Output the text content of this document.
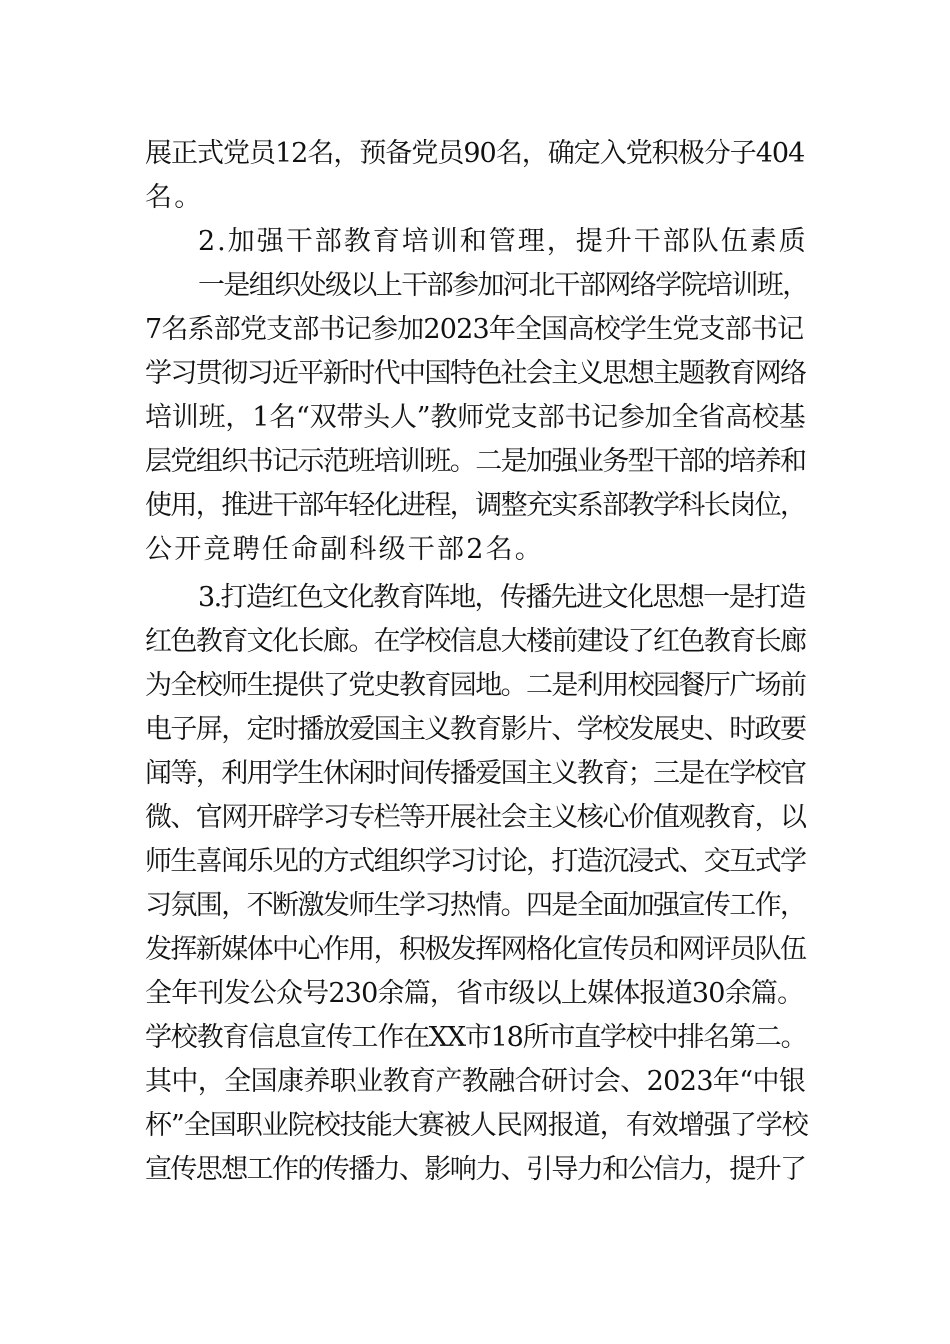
展正式党员12名，预备党员90名，确定入党积极分子404
名。
2.加强干部教育培训和管理，提升干部队伍素质
一是组织处级以上干部参加河北干部网络学院培训班，
7名系部党支部书记参加2023年全国高校学生党支部书记
学习贯彻习近平新时代中国特色社会主义思想主题教育网络
培训班，1名“双带头人”教师党支部书记参加全省高校基
层党组织书记示范班培训班。二是加强业务型干部的培养和
使用，推进干部年轻化进程，调整充实系部教学科长岗位，
公开竞聘任命副科级干部2名。
3.打造红色文化教育阵地，传播先进文化思想一是打造
红色教育文化长廊。在学校信息大楼前建设了红色教育长廊
为全校师生提供了党史教育园地。二是利用校园餐厅广场前
电子屏，定时播放爱国主义教育影片、学校发展史、时政要
闻等，利用学生休闲时间传播爱国主义教育；三是在学校官
微、官网开辟学习专栏等开展社会主义核心价值观教育，以
师生喜闻乐见的方式组织学习讨论，打造沉浸式、交互式学
习氛围，不断激发师生学习热情。四是全面加强宣传工作，
发挥新媒体中心作用，积极发挥网格化宣传员和网评员队伍
全年刊发公众号230余篇，省市级以上媒体报道30余篇。
学校教育信息宣传工作在XX市18所市直学校中排名第二。
其中，全国康养职业教育产教融合研讨会、2023年“中银
杯”全国职业院校技能大赛被人民网报道，有效增强了学校
宣传思想工作的传播力、影响力、引导力和公信力，提升了
